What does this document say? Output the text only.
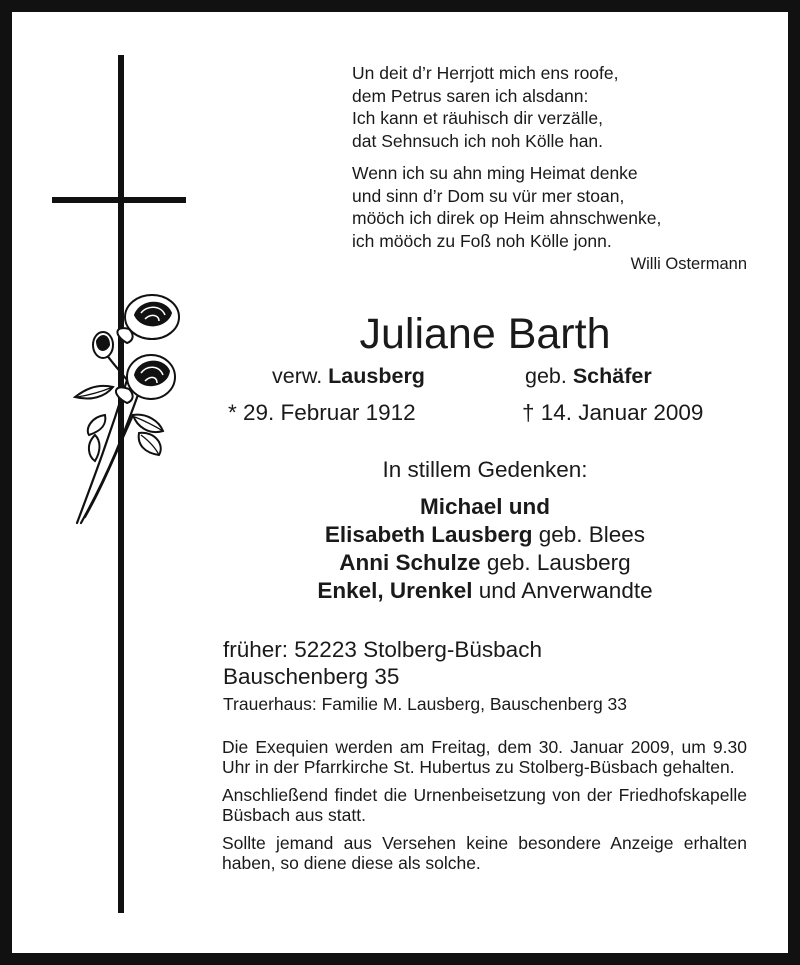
Un deit d’r Herrjott mich ens roofe,
dem Petrus saren ich alsdann:
Ich kann et räuhisch dir verzälle,
dat Sehnsuch ich noh Kölle han.
Wenn ich su ahn ming Heimat denke
und sinn d’r Dom su vür mer stoan,
mööch ich direk op Heim ahnschwenke,
ich mööch zu Foß noh Kölle jonn.
Willi Ostermann
Juliane Barth
verw. Lausberg	geb. Schäfer
* 29. Februar 1912	† 14. Januar 2009
In stillem Gedenken:
Michael und
Elisabeth Lausberg geb. Blees
Anni Schulze geb. Lausberg
Enkel, Urenkel und Anverwandte
früher: 52223 Stolberg-Büsbach
Bauschenberg 35
Trauerhaus: Familie M. Lausberg, Bauschenberg 33

Die Exequien werden am Freitag, dem 30. Januar 2009, um 9.30 Uhr in der Pfarrkirche St. Hubertus zu Stolberg-Büsbach gehalten.

Anschließend findet die Urnenbeisetzung von der Friedhofskapelle Büsbach aus statt.

Sollte jemand aus Versehen keine besondere Anzeige erhalten haben, so diene diese als solche.
